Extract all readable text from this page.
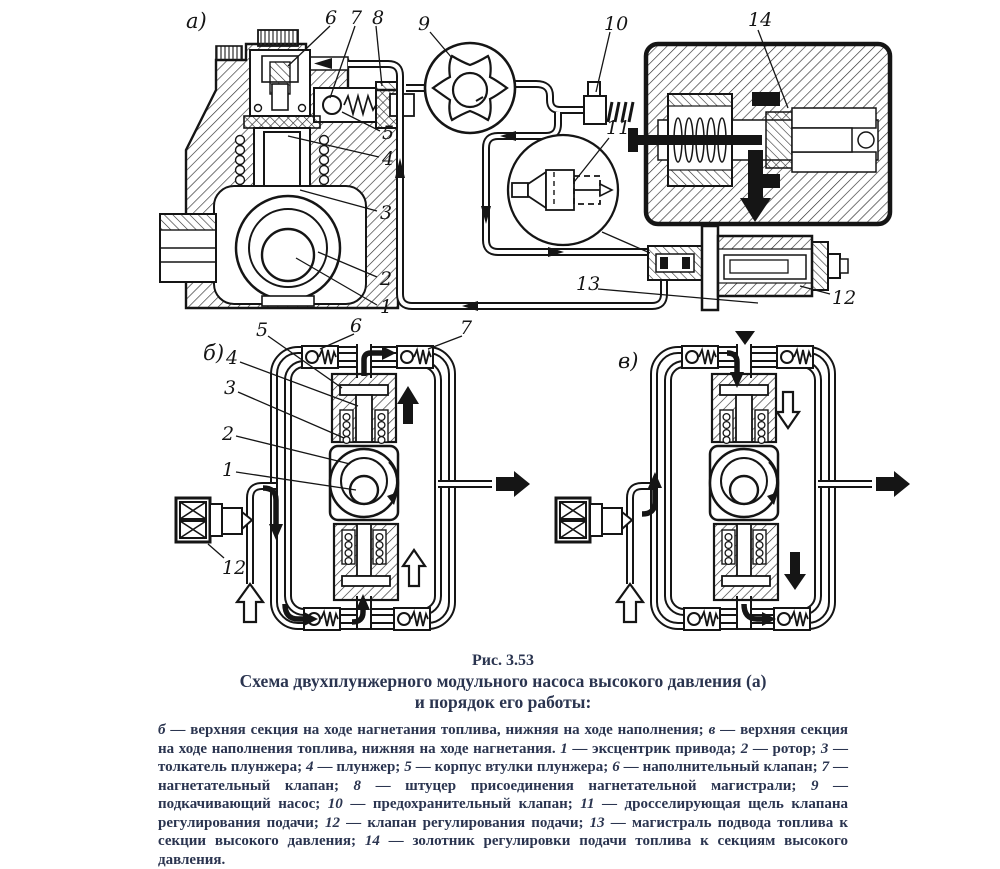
а)	6 7 8
5
4
3
2
1
9	10
11
14
13
12
б)
5	6	7
4
3
2
1
12
в)
Рис. 3.53
Схема двухплунжерного модульного насоса высокого давления (а)
и порядок его работы:
б — верхняя секция на ходе нагнетания топлива, нижняя на ходе наполнения; в — верхняя секция на ходе наполнения топлива, нижняя на ходе нагнетания. 1 — эксцентрик привода; 2 — ротор; 3 — толкатель плунжера; 4 — плунжер; 5 — корпус втулки плунжера; 6 — наполнительный клапан; 7 — нагнетательный клапан; 8 — штуцер присоединения нагнетательной магистрали; 9 — подкачивающий насос; 10 — предохранительный клапан; 11 — дросселирующая щель клапана регулирования подачи; 12 — клапан регулирования подачи; 13 — магистраль подвода топлива к секции высокого давления; 14 — золотник регулировки подачи топлива к секциям высокого давления.
